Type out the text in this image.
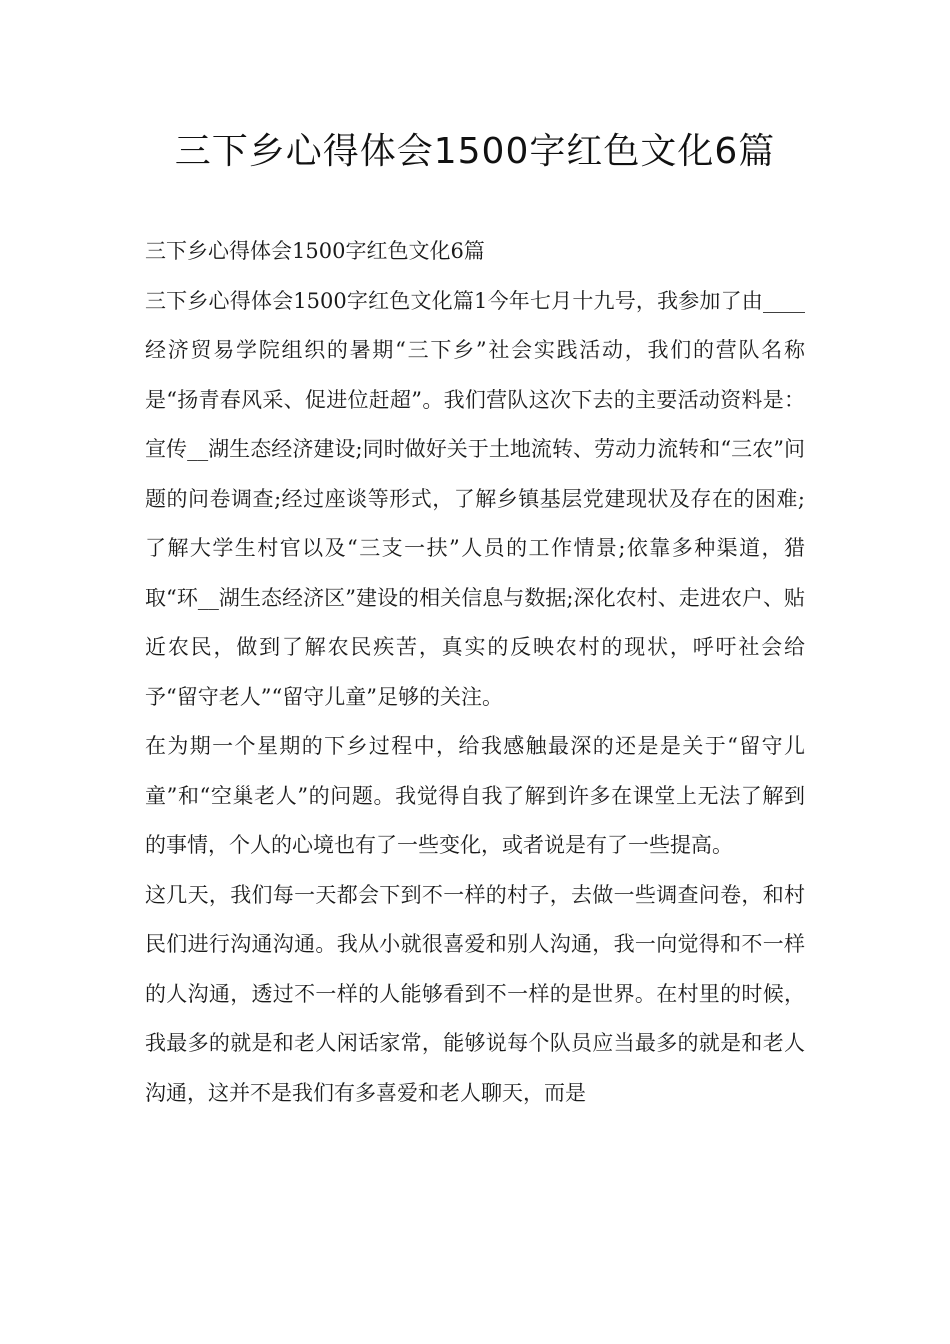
三下乡心得体会1500字红色文化6篇

三下乡心得体会1500字红色文化6篇

三下乡心得体会1500字红色文化篇1今年七月十九号，我参加了由____经济贸易学院组织的暑期“三下乡”社会实践活动，我们的营队名称是“扬青春风采、促进位赶超”。我们营队这次下去的主要活动资料是：宣传__湖生态经济建设;同时做好关于土地流转、劳动力流转和“三农”问题的问卷调查;经过座谈等形式，了解乡镇基层党建现状及存在的困难;了解大学生村官以及“三支一扶”人员的工作情景;依靠多种渠道，猎取“环__湖生态经济区”建设的相关信息与数据;深化农村、走进农户、贴近农民，做到了解农民疾苦，真实的反映农村的现状，呼吁社会给予“留守老人”“留守儿童”足够的关注。

在为期一个星期的下乡过程中，给我感触最深的还是是关于“留守儿童”和“空巢老人”的问题。我觉得自我了解到许多在课堂上无法了解到的事情，个人的心境也有了一些变化，或者说是有了一些提高。

这几天，我们每一天都会下到不一样的村子，去做一些调查问卷，和村民们进行沟通沟通。我从小就很喜爱和别人沟通，我一向觉得和不一样的人沟通，透过不一样的人能够看到不一样的是世界。在村里的时候，我最多的就是和老人闲话家常，能够说每个队员应当最多的就是和老人沟通，这并不是我们有多喜爱和老人聊天，而是
